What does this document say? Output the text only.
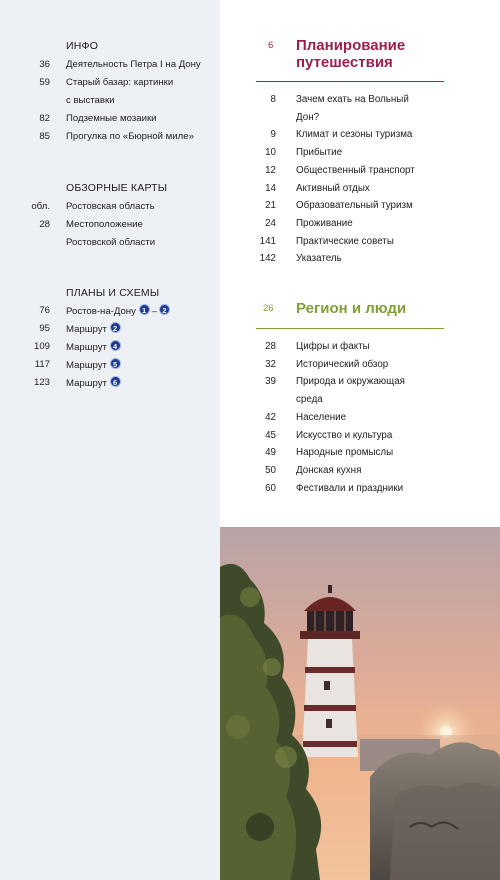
ИНФО
36 Деятельность Петра I на Дону
59 Старый базар: картинки
с выставки
82 Подземные мозаики
85 Прогулка по «Бюрной миле»
ОБЗОРНЫЕ КАРТЫ
обл. Ростовская область
28 Местоположение
Ростовской области
ПЛАНЫ И СХЕМЫ
76 Ростов-на-Дону 1 – 2
95 Маршрут 2
109 Маршрут 4
117 Маршрут 5
123 Маршрут 6
6 Планирование
путешествия
8 Зачем ехать на Вольный
Дон?
9 Климат и сезоны туризма
10 Прибытие
12 Общественный транспорт
14 Активный отдых
21 Образовательный туризм
24 Проживание
141 Практические советы
142 Указатель
26 Регион и люди
28 Цифры и факты
32 Исторический обзор
39 Природа и окружающая
среда
42 Население
45 Искусство и культура
49 Народные промыслы
50 Донская кухня
60 Фестивали и праздники
